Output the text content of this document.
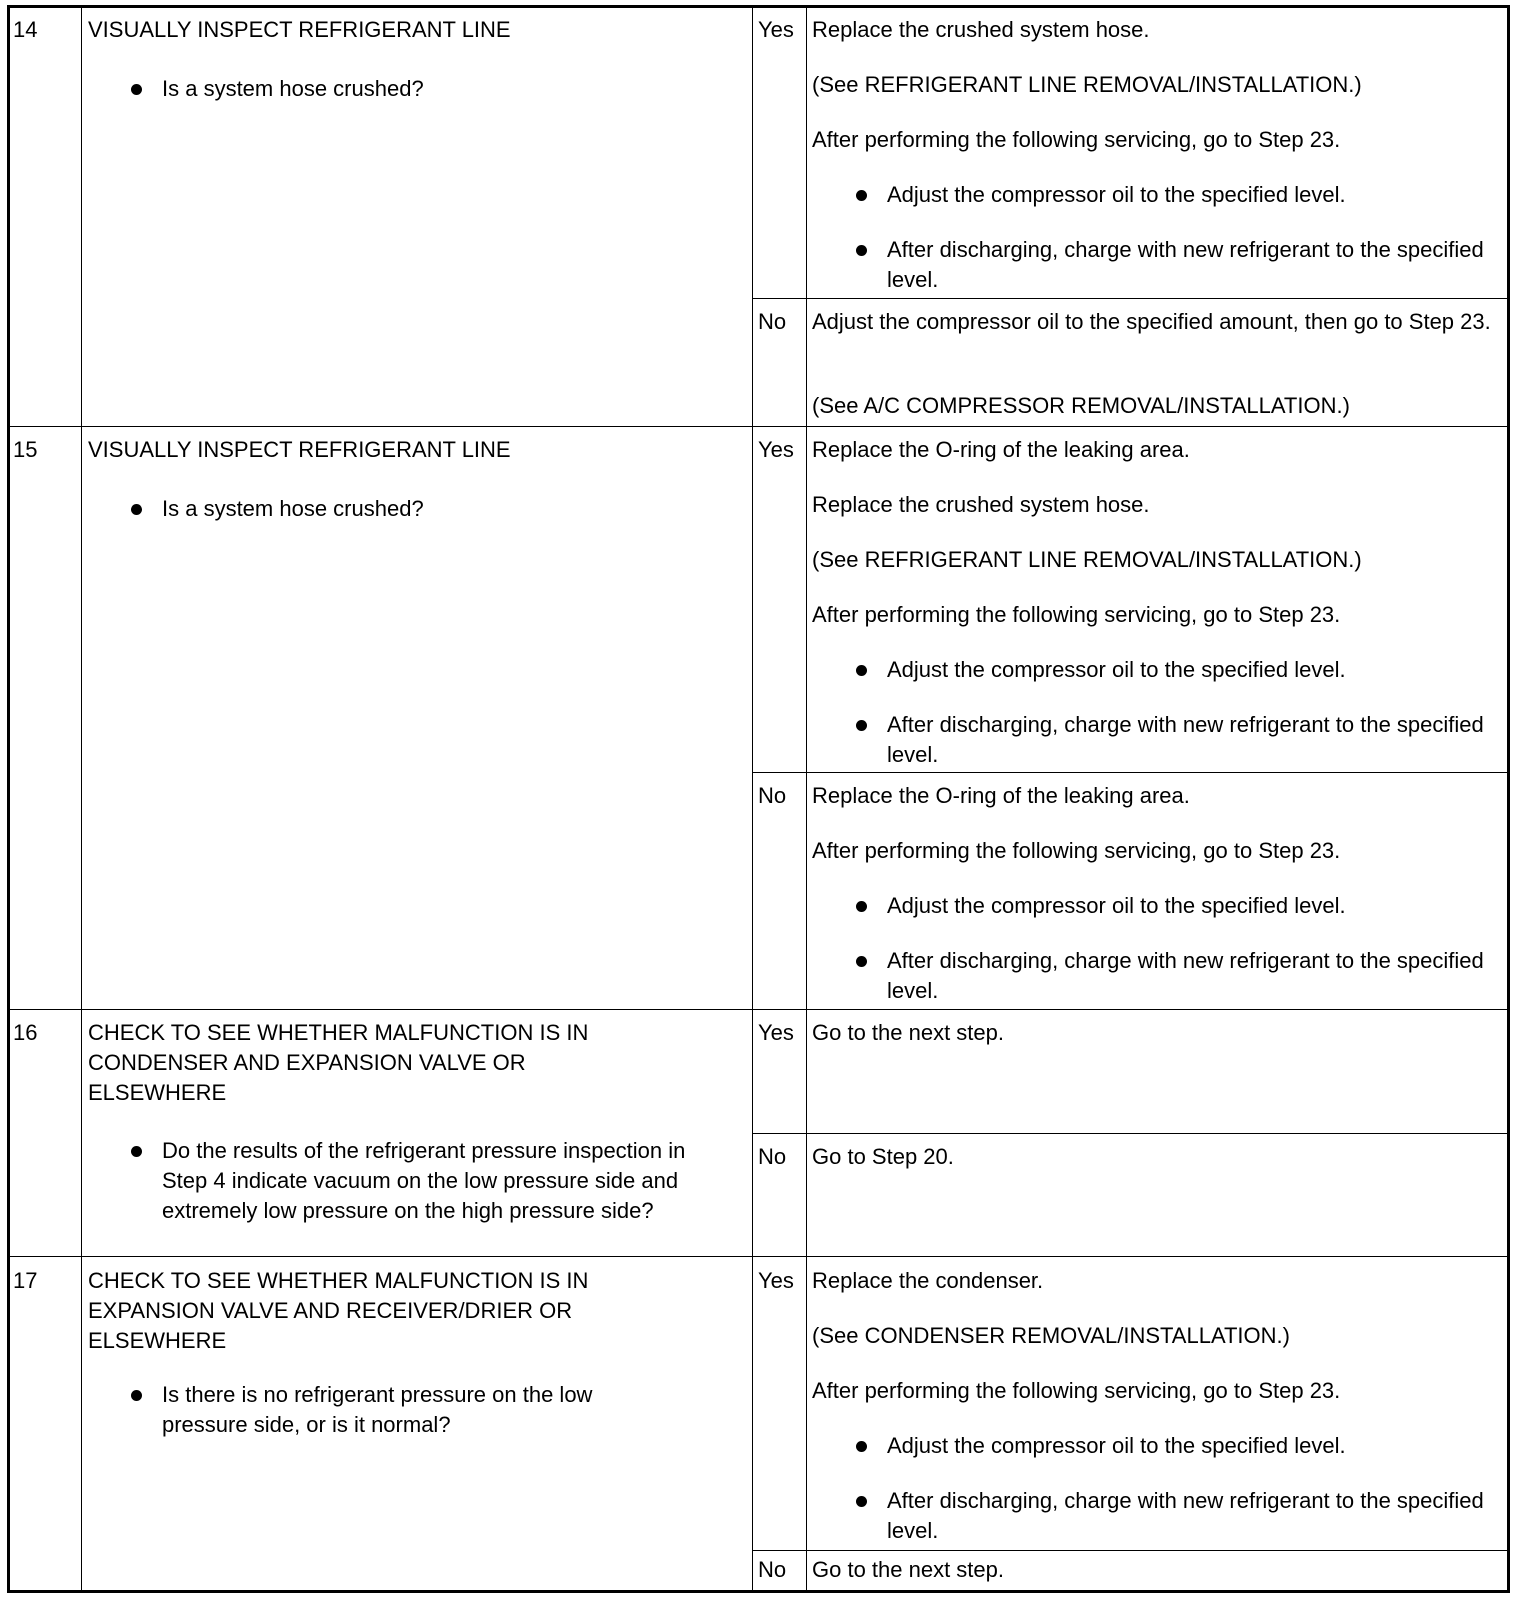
14 VISUALLY INSPECT REFRIGERANT LINE
Is a system hose crushed?
Yes Replace the crushed system hose.
(See REFRIGERANT LINE REMOVAL/INSTALLATION.)
After performing the following servicing, go to Step 23.
Adjust the compressor oil to the specified level.
After discharging, charge with new refrigerant to the specified level.
No Adjust the compressor oil to the specified amount, then go to Step 23.
(See A/C COMPRESSOR REMOVAL/INSTALLATION.)
15 VISUALLY INSPECT REFRIGERANT LINE
Is a system hose crushed?
Yes Replace the O-ring of the leaking area.
Replace the crushed system hose.
(See REFRIGERANT LINE REMOVAL/INSTALLATION.)
After performing the following servicing, go to Step 23.
Adjust the compressor oil to the specified level.
After discharging, charge with new refrigerant to the specified level.
No Replace the O-ring of the leaking area.
After performing the following servicing, go to Step 23.
Adjust the compressor oil to the specified level.
After discharging, charge with new refrigerant to the specified level.
16 CHECK TO SEE WHETHER MALFUNCTION IS IN CONDENSER AND EXPANSION VALVE OR ELSEWHERE
Do the results of the refrigerant pressure inspection in Step 4 indicate vacuum on the low pressure side and extremely low pressure on the high pressure side?
Yes Go to the next step.
No Go to Step 20.
17 CHECK TO SEE WHETHER MALFUNCTION IS IN EXPANSION VALVE AND RECEIVER/DRIER OR ELSEWHERE
Is there is no refrigerant pressure on the low pressure side, or is it normal?
Yes Replace the condenser.
(See CONDENSER REMOVAL/INSTALLATION.)
After performing the following servicing, go to Step 23.
Adjust the compressor oil to the specified level.
After discharging, charge with new refrigerant to the specified level.
No Go to the next step.
